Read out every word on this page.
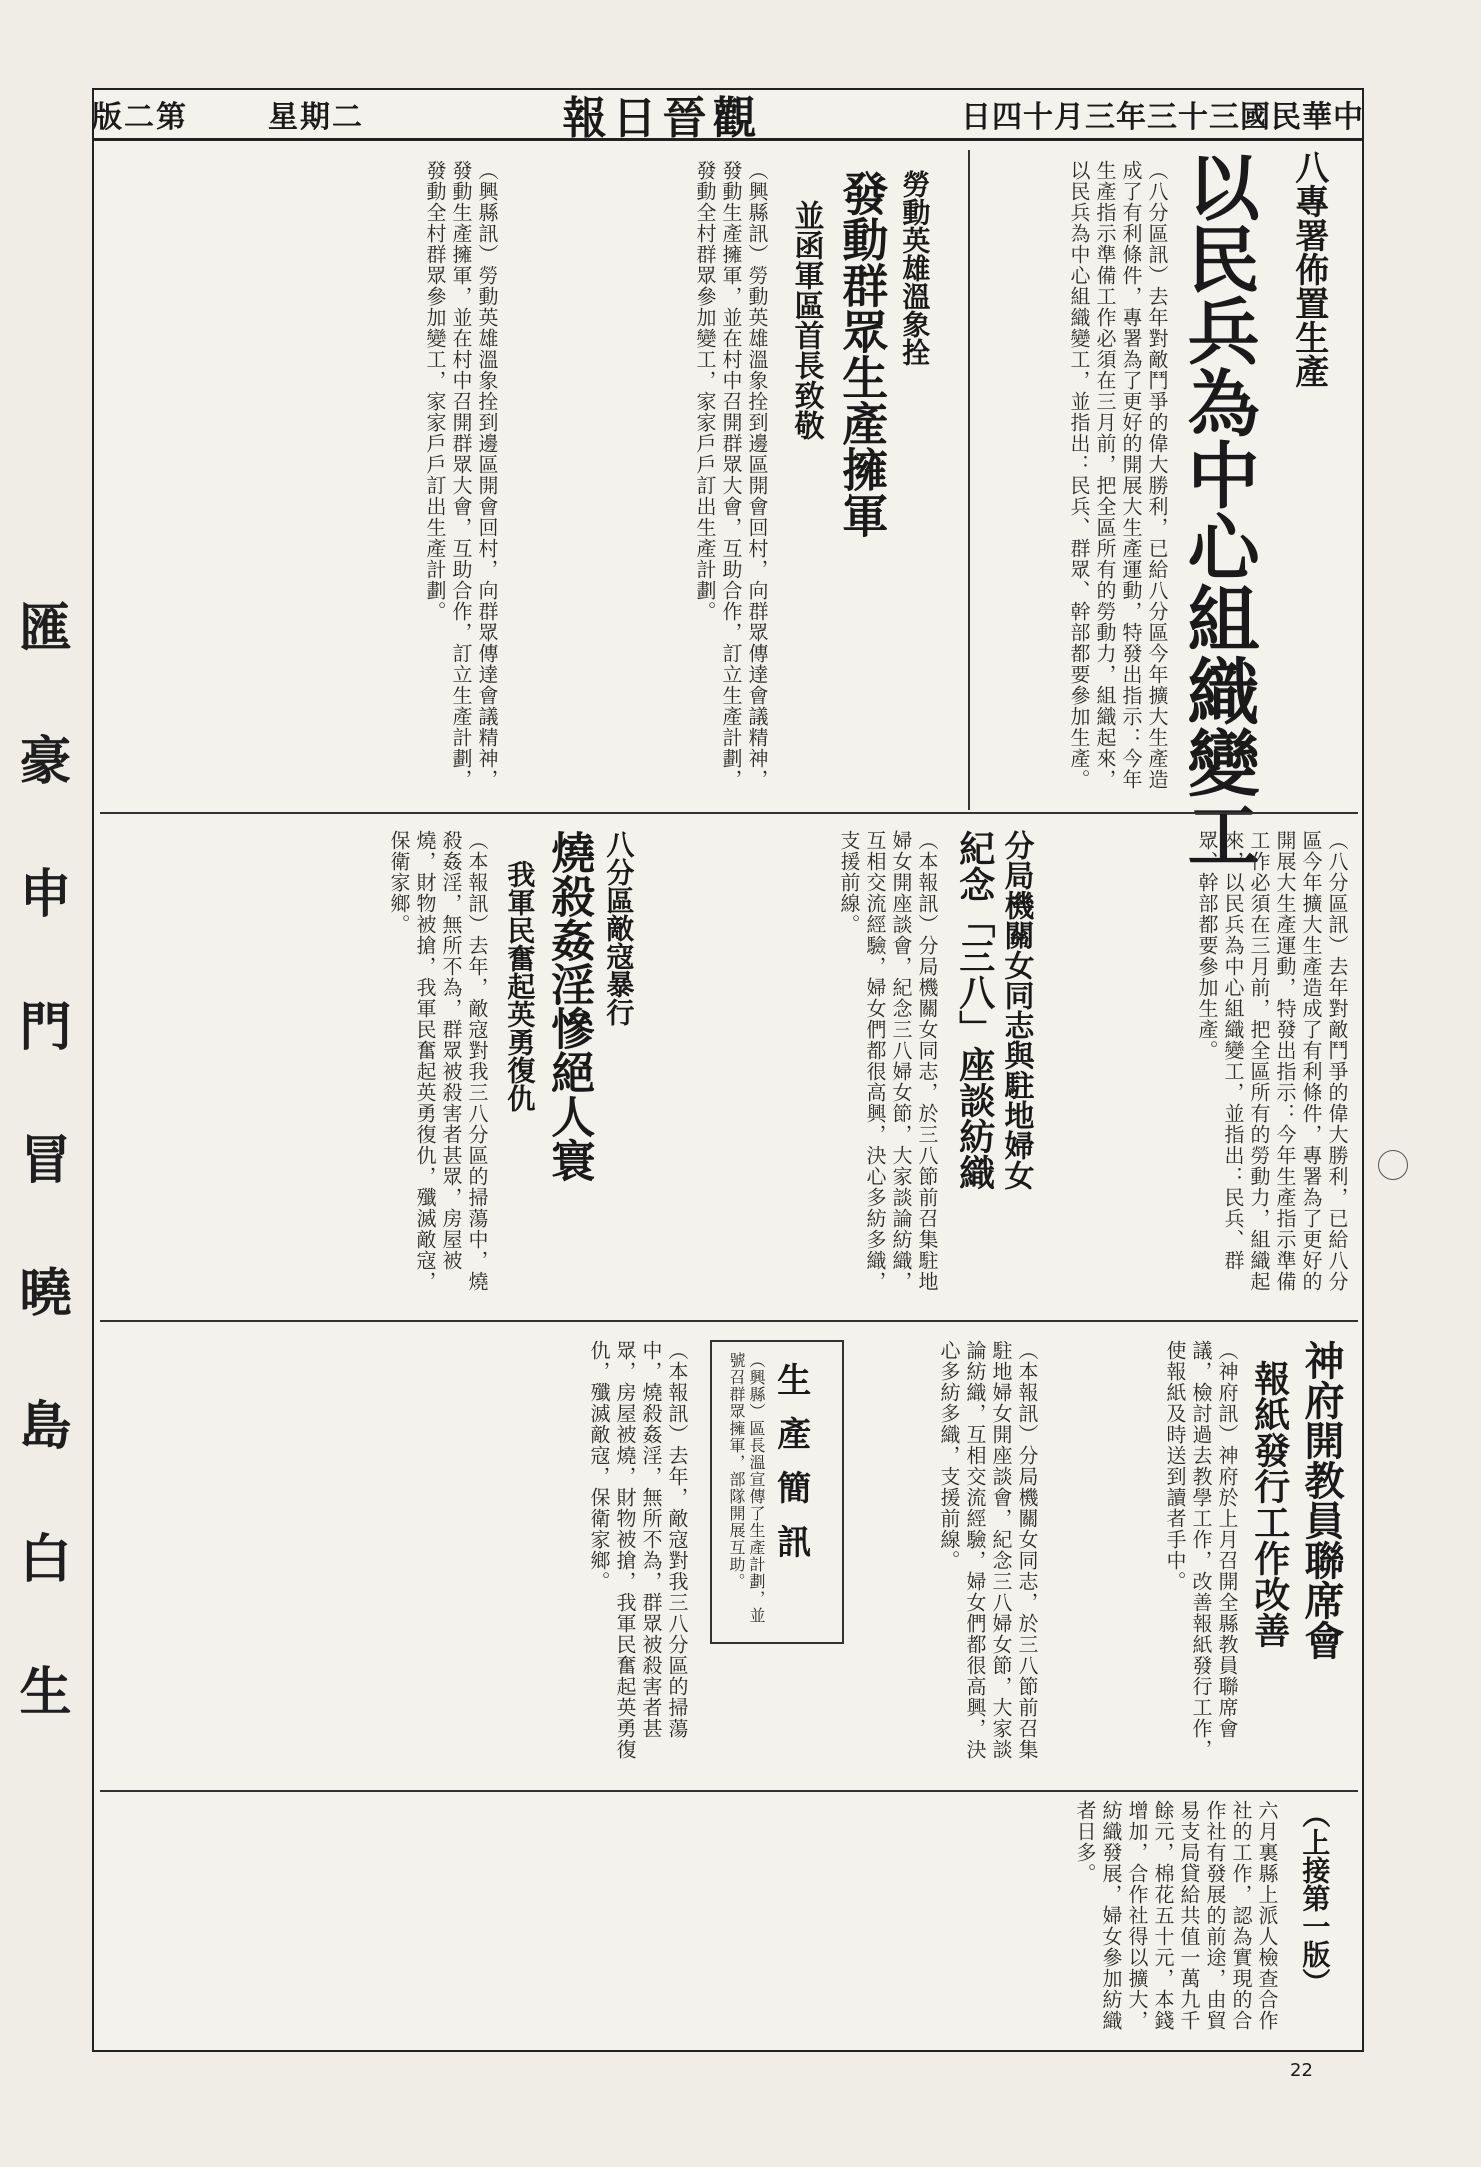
版二第	星期二	報日晉觀	日四十月三年三十三國民華中
八專署佈置生產
以民兵為中心組織變工
（八分區訊）去年對敵鬥爭的偉大勝利，已給八分區今年擴大生產造成了有利條件，專署為了更好的開展大生產運動，特發出指示：今年生產指示準備工作必須在三月前，把全區所有的勞動力，組織起來，以民兵為中心組織變工，並指出：民兵、群眾、幹部都要參加生產。
勞動英雄溫象拴
發動群眾生產擁軍
並函軍區首長致敬
（興縣訊）勞動英雄溫象拴到邊區開會回村，向群眾傳達會議精神，發動生產擁軍，並在村中召開群眾大會，互助合作，訂立生產計劃，發動全村群眾參加變工，家家戶戶訂出生產計劃。
（興縣訊）勞動英雄溫象拴到邊區開會回村，向群眾傳達會議精神，發動生產擁軍，並在村中召開群眾大會，互助合作，訂立生產計劃，發動全村群眾參加變工，家家戶戶訂出生產計劃。
八分區敵寇暴行
燒殺姦淫慘絕人寰
我軍民奮起英勇復仇
（本報訊）去年，敵寇對我三八分區的掃蕩中，燒殺姦淫，無所不為，群眾被殺害者甚眾，房屋被燒，財物被搶，我軍民奮起英勇復仇，殲滅敵寇，保衛家鄉。	分局機關女同志與駐地婦女
紀念「三八」座談紡織
（本報訊）分局機關女同志，於三八節前召集駐地婦女開座談會，紀念三八婦女節，大家談論紡織，互相交流經驗，婦女們都很高興，決心多紡多織，支援前線。	（八分區訊）去年對敵鬥爭的偉大勝利，已給八分區今年擴大生產造成了有利條件，專署為了更好的開展大生產運動，特發出指示：今年生產指示準備工作必須在三月前，把全區所有的勞動力，組織起來，以民兵為中心組織變工，並指出：民兵、群眾、幹部都要參加生產。
神府開教員聯席會
報紙發行工作改善
（神府訊）神府於上月召開全縣教員聯席會議，檢討過去教學工作，改善報紙發行工作，使報紙及時送到讀者手中。
生產簡訊
（興縣）區長溫宣傳了生產計劃，並號召群眾擁軍，部隊開展互助。	（本報訊）分局機關女同志，於三八節前召集駐地婦女開座談會，紀念三八婦女節，大家談論紡織，互相交流經驗，婦女們都很高興，決心多紡多織，支援前線。
（本報訊）去年，敵寇對我三八分區的掃蕩中，燒殺姦淫，無所不為，群眾被殺害者甚眾，房屋被燒，財物被搶，我軍民奮起英勇復仇，殲滅敵寇，保衛家鄉。
（上接第一版）
六月裏縣上派人檢查合作社的工作，認為實現的合作社有發展的前途，由貿易支局貸給共值一萬九千餘元，棉花五十元，本錢增加，合作社得以擴大，紡織發展，婦女參加紡織者日多。
匯 豪 申 門 冒 曉 島 白 生
22
